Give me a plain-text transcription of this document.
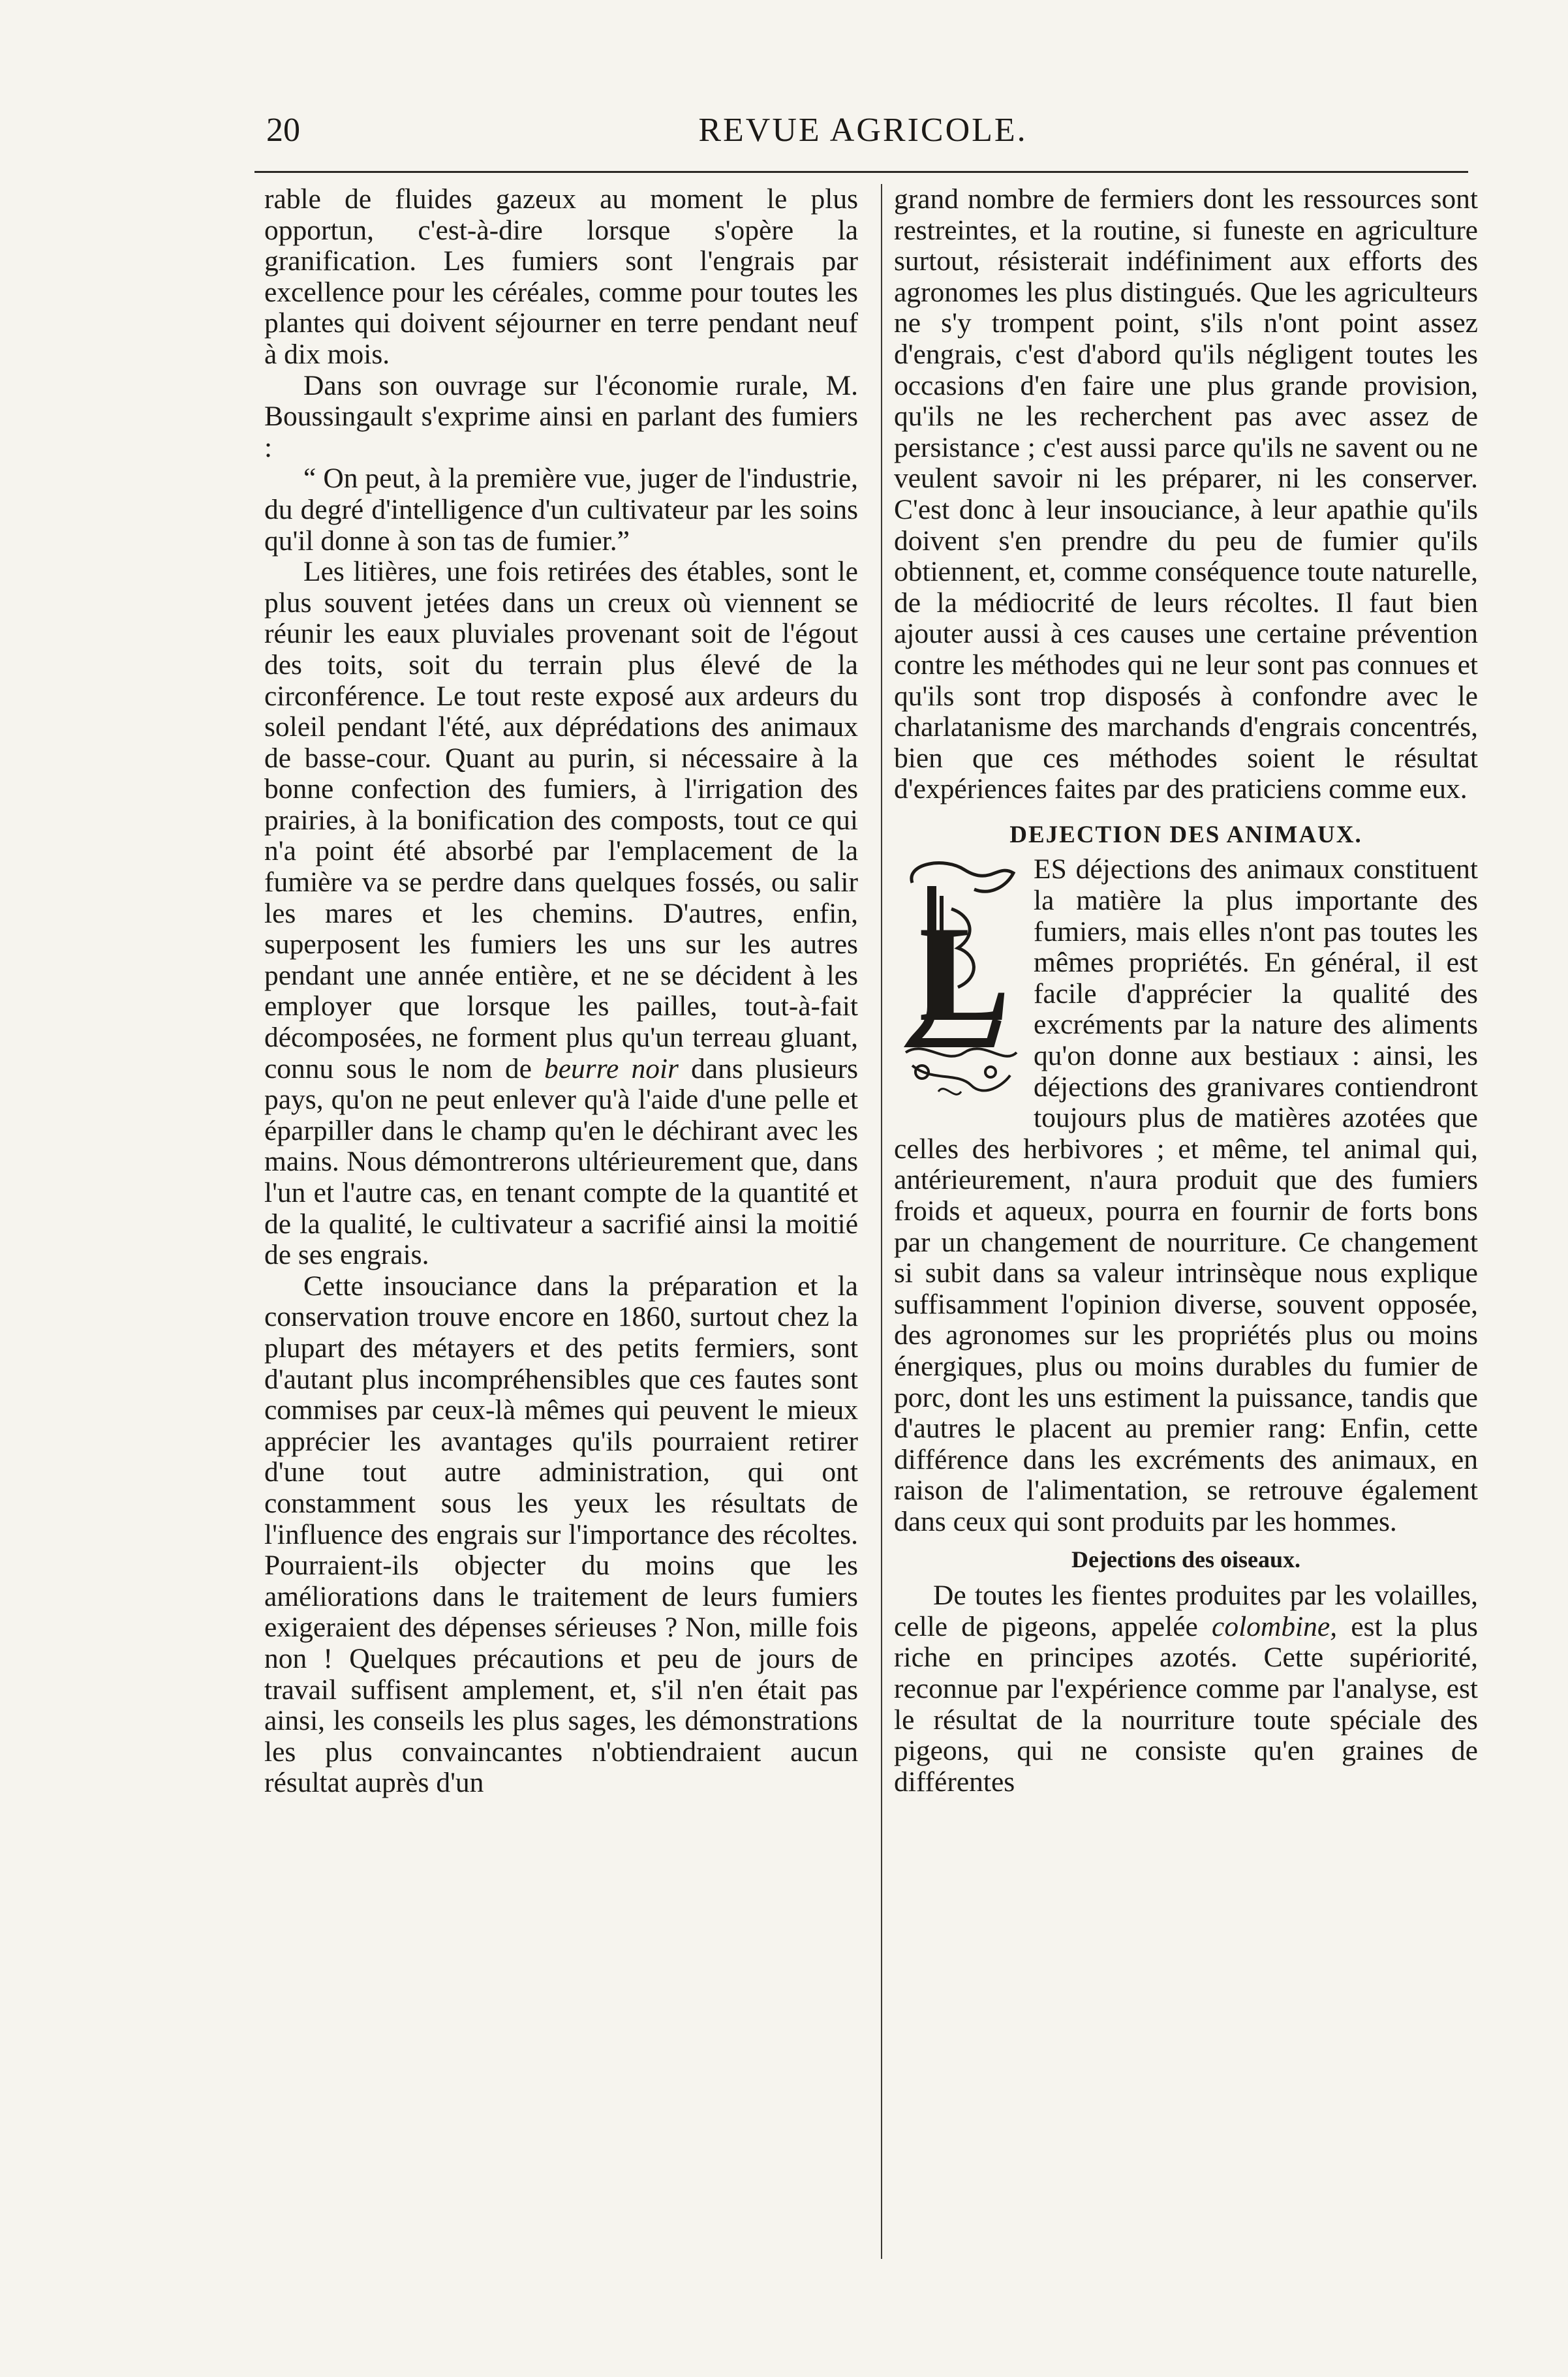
20	REVUE AGRICOLE.

rable de fluides gazeux au moment le plus opportun, c'est-à-dire lorsque s'opère la granification. Les fumiers sont l'engrais par excellence pour les céréales, comme pour toutes les plantes qui doivent séjourner en terre pendant neuf à dix mois.

Dans son ouvrage sur l'économie rurale, M. Boussingault s'exprime ainsi en parlant des fumiers :

“ On peut, à la première vue, juger de l'industrie, du degré d'intelligence d'un cultivateur par les soins qu'il donne à son tas de fumier.”

Les litières, une fois retirées des étables, sont le plus souvent jetées dans un creux où viennent se réunir les eaux pluviales provenant soit de l'égout des toits, soit du terrain plus élevé de la circonférence. Le tout reste exposé aux ardeurs du soleil pendant l'été, aux déprédations des animaux de basse-cour. Quant au purin, si nécessaire à la bonne confection des fumiers, à l'irrigation des prairies, à la bonification des composts, tout ce qui n'a point été absorbé par l'emplacement de la fumière va se perdre dans quelques fossés, ou salir les mares et les chemins. D'autres, enfin, superposent les fumiers les uns sur les autres pendant une année entière, et ne se décident à les employer que lorsque les pailles, tout-à-fait décomposées, ne forment plus qu'un terreau gluant, connu sous le nom de beurre noir dans plusieurs pays, qu'on ne peut enlever qu'à l'aide d'une pelle et éparpiller dans le champ qu'en le déchirant avec les mains. Nous démontrerons ultérieurement que, dans l'un et l'autre cas, en tenant compte de la quantité et de la qualité, le cultivateur a sacrifié ainsi la moitié de ses engrais.

Cette insouciance dans la préparation et la conservation trouve encore en 1860, surtout chez la plupart des métayers et des petits fermiers, sont d'autant plus incompréhensibles que ces fautes sont commises par ceux-là mêmes qui peuvent le mieux apprécier les avantages qu'ils pourraient retirer d'une tout autre administration, qui ont constamment sous les yeux les résultats de l'influence des engrais sur l'importance des récoltes. Pourraient-ils objecter du moins que les améliorations dans le traitement de leurs fumiers exigeraient des dépenses sérieuses ? Non, mille fois non ! Quelques précautions et peu de jours de travail suffisent amplement, et, s'il n'en était pas ainsi, les conseils les plus sages, les démonstrations les plus convaincantes n'obtiendraient aucun résultat auprès d'un

grand nombre de fermiers dont les ressources sont restreintes, et la routine, si funeste en agriculture surtout, résisterait indéfiniment aux efforts des agronomes les plus distingués. Que les agriculteurs ne s'y trompent point, s'ils n'ont point assez d'engrais, c'est d'abord qu'ils négligent toutes les occasions d'en faire une plus grande provision, qu'ils ne les recherchent pas avec assez de persistance ; c'est aussi parce qu'ils ne savent ou ne veulent savoir ni les préparer, ni les conserver. C'est donc à leur insouciance, à leur apathie qu'ils doivent s'en prendre du peu de fumier qu'ils obtiennent, et, comme conséquence toute naturelle, de la médiocrité de leurs récoltes. Il faut bien ajouter aussi à ces causes une certaine prévention contre les méthodes qui ne leur sont pas connues et qu'ils sont trop disposés à confondre avec le charlatanisme des marchands d'engrais concentrés, bien que ces méthodes soient le résultat d'expériences faites par des praticiens comme eux.

DEJECTION DES ANIMAUX.

L
ES déjections des animaux constituent la matière la plus importante des fumiers, mais elles n'ont pas toutes les mêmes propriétés. En général, il est facile d'apprécier la qualité des excréments par la nature des aliments qu'on donne aux bestiaux : ainsi, les déjections des granivares contiendront toujours plus de matières azotées que celles des herbivores ; et même, tel animal qui, antérieurement, n'aura produit que des fumiers froids et aqueux, pourra en fournir de forts bons par un changement de nourriture. Ce changement si subit dans sa valeur intrinsèque nous explique suffisamment l'opinion diverse, souvent opposée, des agronomes sur les propriétés plus ou moins énergiques, plus ou moins durables du fumier de porc, dont les uns estiment la puissance, tandis que d'autres le placent au premier rang: Enfin, cette différence dans les excréments des animaux, en raison de l'alimentation, se retrouve également dans ceux qui sont produits par les hommes.

Dejections des oiseaux.

De toutes les fientes produites par les volailles, celle de pigeons, appelée colombine, est la plus riche en principes azotés. Cette supériorité, reconnue par l'expérience comme par l'analyse, est le résultat de la nourriture toute spéciale des pigeons, qui ne consiste qu'en graines de différentes
